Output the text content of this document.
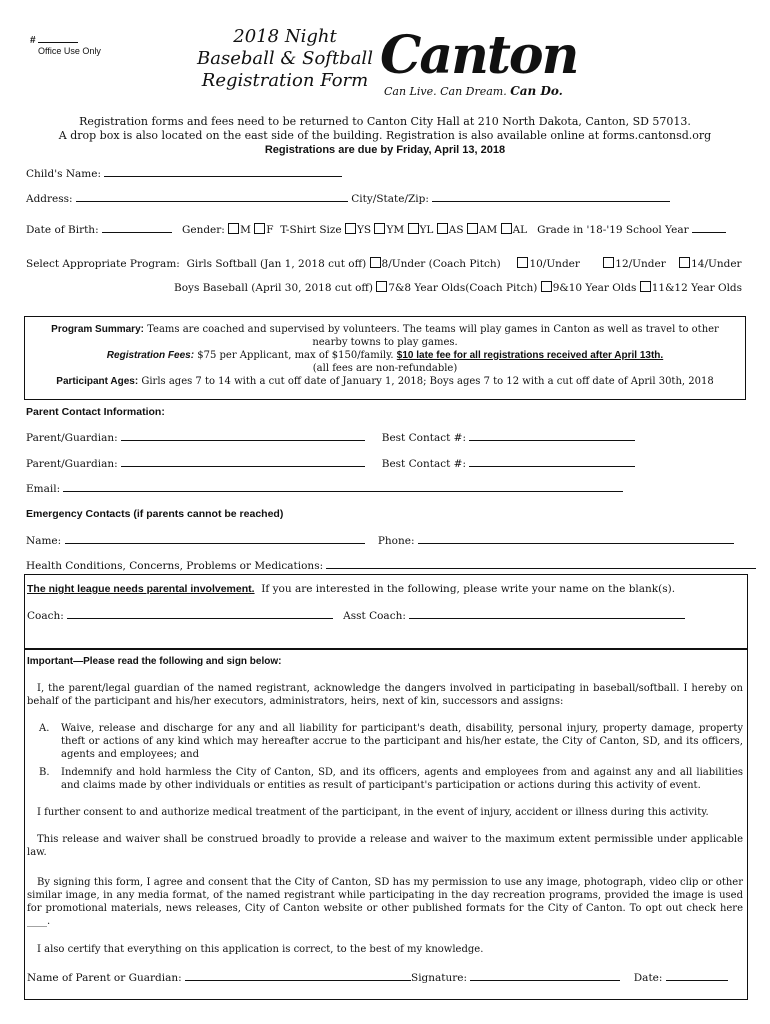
#
Office Use Only
2018 Night
Baseball & Softball
Registration Form Canton
Can Live. Can Dream. Can Do.
Registration forms and fees need to be returned to Canton City Hall at 210 North Dakota, Canton, SD 57013.
A drop box is also located on the east side of the building. Registration is also available online at forms.cantonsd.org
Registrations are due by Friday, April 13, 2018
Child's Name:
Address:	City/State/Zip:
Date of Birth:	Gender: M F T-Shirt Size YS YM YL AS AM AL Grade in '18-'19 School Year
Select Appropriate Program: Girls Softball (Jan 1, 2018 cut off) 8/Under (Coach Pitch)	10/Under	12/Under 14/Under
Boys Baseball (April 30, 2018 cut off) 7&8 Year Olds(Coach Pitch) 9&10 Year Olds 11&12 Year Olds
Program Summary: Teams are coached and supervised by volunteers. The teams will play games in Canton as well as travel to other
nearby towns to play games.
Registration Fees: $75 per Applicant, max of $150/family. $10 late fee for all registrations received after April 13th.
(all fees are non-refundable)
Participant Ages: Girls ages 7 to 14 with a cut off date of January 1, 2018; Boys ages 7 to 12 with a cut off date of April 30th, 2018
Parent Contact Information:
Parent/Guardian:	Best Contact #:
Parent/Guardian:	Best Contact #:
Email:
Emergency Contacts (if parents cannot be reached)
Name:	Phone:
Health Conditions, Concerns, Problems or Medications:
The night league needs parental involvement. If you are interested in the following, please write your name on the blank(s).
Coach:	Asst Coach:
Important—Please read the following and sign below:
I, the parent/legal guardian of the named registrant, acknowledge the dangers involved in participating in baseball/softball. I hereby on behalf of the participant and his/her executors, administrators, heirs, next of kin, successors and assigns:
A. Waive, release and discharge for any and all liability for participant's death, disability, personal injury, property damage, property theft or actions of any kind which may hereafter accrue to the participant and his/her estate, the City of Canton, SD, and its officers, agents and employees; and
B. Indemnify and hold harmless the City of Canton, SD, and its officers, agents and employees from and against any and all liabilities and claims made by other individuals or entities as result of participant's participation or actions during this activity of event.
I further consent to and authorize medical treatment of the participant, in the event of injury, accident or illness during this activity.
This release and waiver shall be construed broadly to provide a release and waiver to the maximum extent permissible under applicable law.
By signing this form, I agree and consent that the City of Canton, SD has my permission to use any image, photograph, video clip or other similar image, in any media format, of the named registrant while participating in the day recreation programs, provided the image is used for promotional materials, news releases, City of Canton website or other published formats for the City of Canton. To opt out check here ____.
I also certify that everything on this application is correct, to the best of my knowledge.
Name of Parent or Guardian:	Signature:	Date:
